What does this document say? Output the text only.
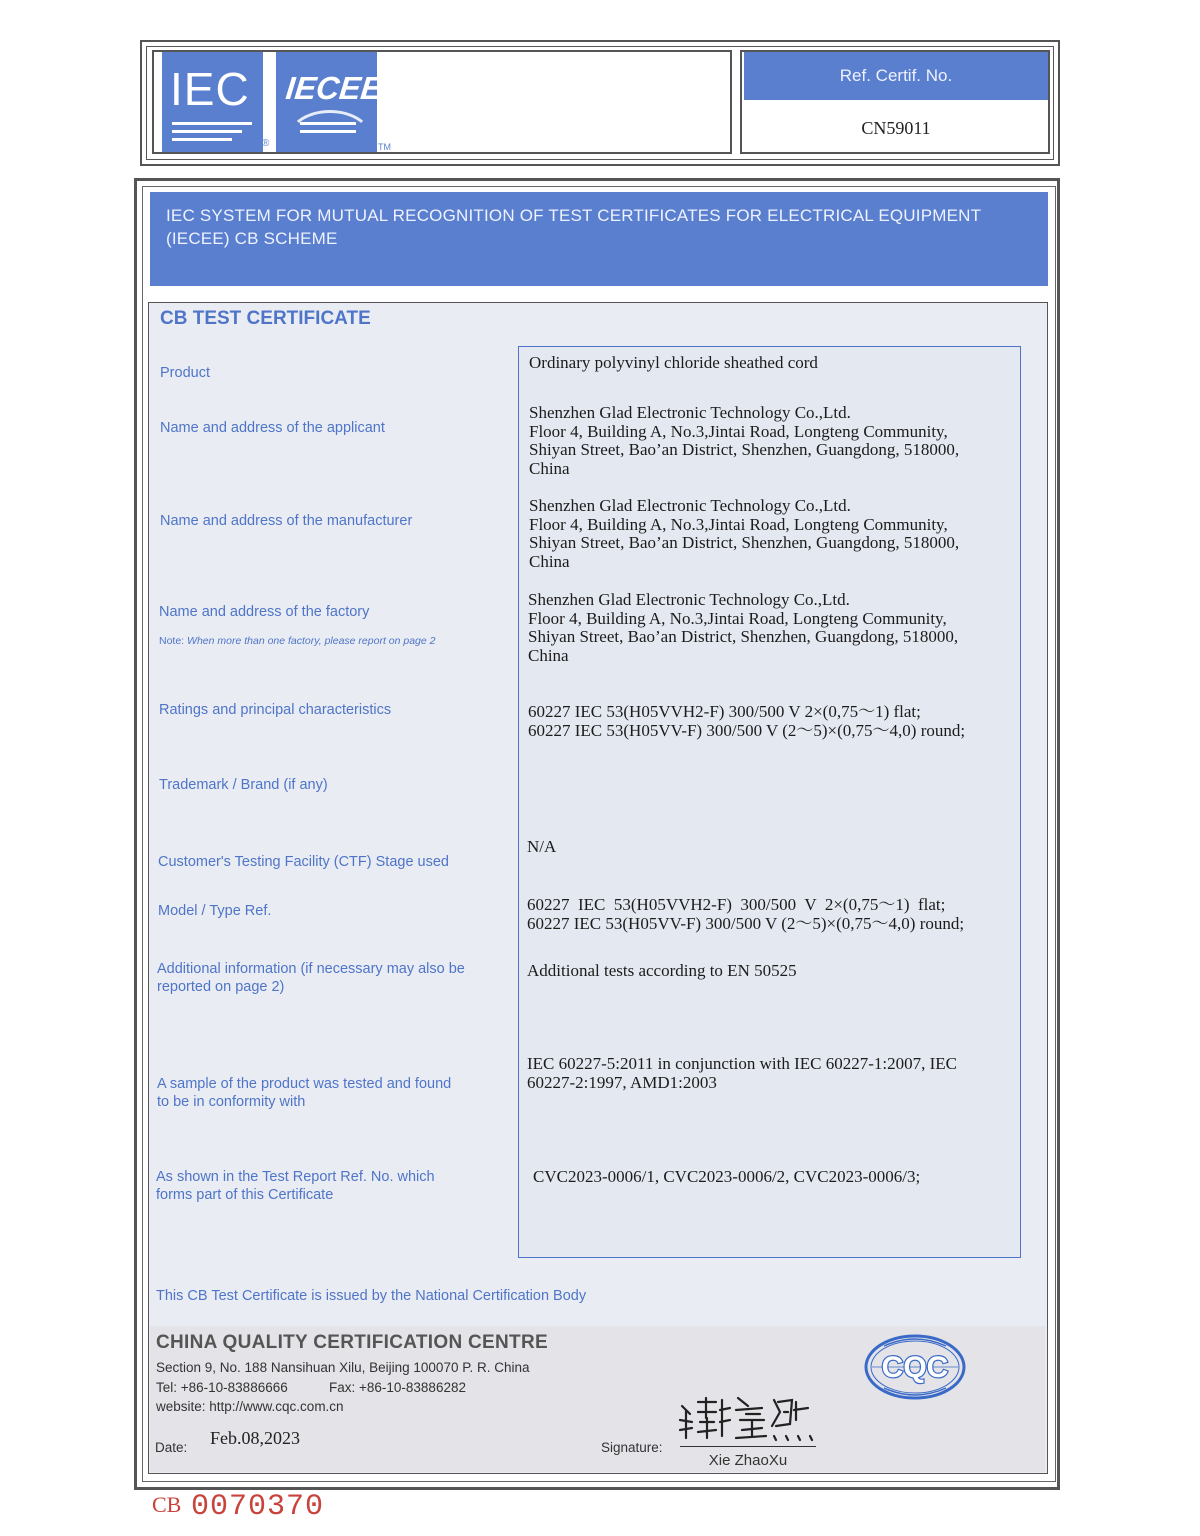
IEC
®
IECEE
TM
Ref. Certif. No.
CN59011
IEC SYSTEM FOR MUTUAL RECOGNITION OF TEST CERTIFICATES FOR ELECTRICAL EQUIPMENT (IECEE) CB SCHEME
CB TEST CERTIFICATE
Product
Name and address of the applicant
Name and address of the manufacturer
Name and address of the factory
Note: When more than one factory, please report on page 2
Ratings and principal characteristics
Trademark / Brand (if any)
Customer's Testing Facility (CTF) Stage used
Model / Type Ref.
Additional information (if necessary may also be
reported on page 2)
A sample of the product was tested and found
to be in conformity with
As shown in the Test Report Ref. No. which
forms part of this Certificate
Ordinary polyvinyl chloride sheathed cord
Shenzhen Glad Electronic Technology Co.,Ltd.
Floor 4, Building A, No.3,Jintai Road, Longteng Community,
Shiyan Street, Bao’an District, Shenzhen, Guangdong, 518000,
China
Shenzhen Glad Electronic Technology Co.,Ltd.
Floor 4, Building A, No.3,Jintai Road, Longteng Community,
Shiyan Street, Bao’an District, Shenzhen, Guangdong, 518000,
China
Shenzhen Glad Electronic Technology Co.,Ltd.
Floor 4, Building A, No.3,Jintai Road, Longteng Community,
Shiyan Street, Bao’an District, Shenzhen, Guangdong, 518000,
China
60227 IEC 53(H05VVH2-F) 300/500 V 2×(0,75～1) flat;
60227 IEC 53(H05VV-F) 300/500 V (2～5)×(0,75～4,0) round;
N/A
60227  IEC  53(H05VVH2-F)  300/500  V  2×(0,75～1)  flat;
60227 IEC 53(H05VV-F) 300/500 V (2～5)×(0,75～4,0) round;
Additional tests according to EN 50525
IEC 60227-5:2011 in conjunction with IEC 60227-1:2007, IEC
60227-2:1997, AMD1:2003
CVC2023-0006/1, CVC2023-0006/2, CVC2023-0006/3;
This CB Test Certificate is issued by the National Certification Body
CHINA QUALITY CERTIFICATION CENTRE
Section 9, No. 188 Nansihuan Xilu, Beijing 100070 P. R. China
Tel: +86-10-83886666	Fax: +86-10-83886282
website: http://www.cqc.com.cn
Date: Feb.08,2023	Signature:
Xie ZhaoXu
CQC
CB 0070370
